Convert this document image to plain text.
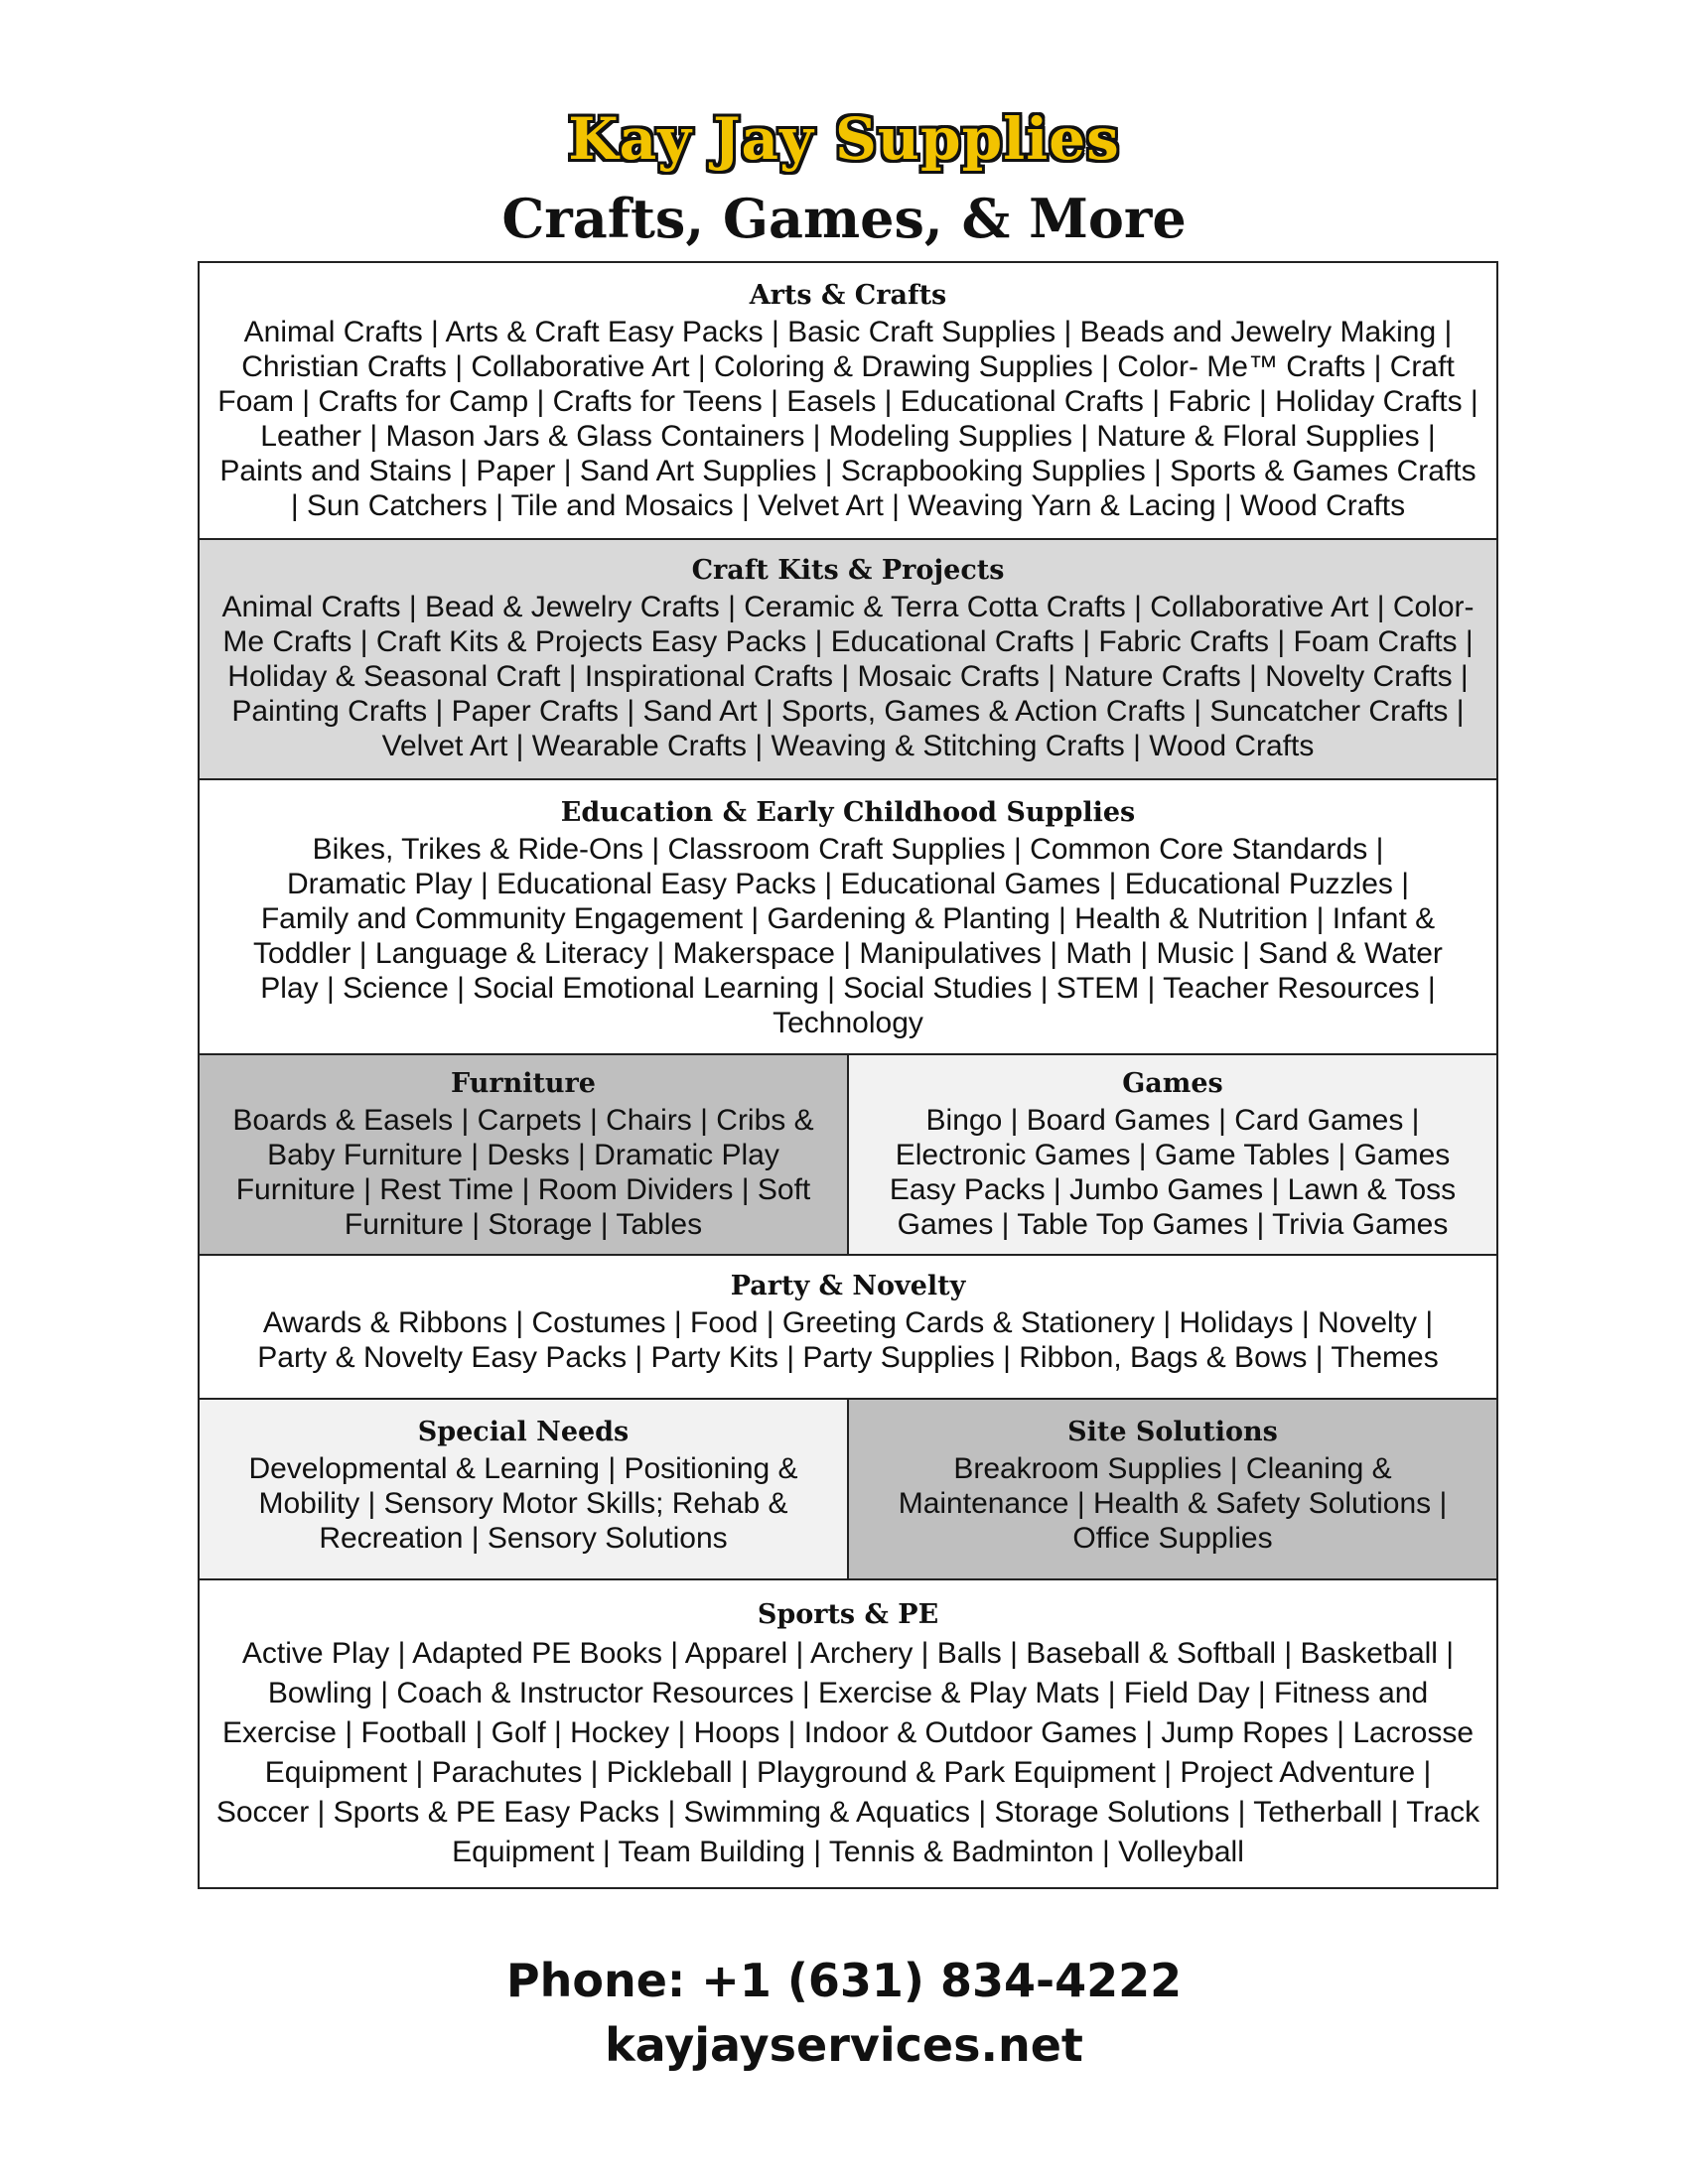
Kay Jay Supplies
Crafts, Games, & More
Arts & Crafts

Animal Crafts | Arts & Craft Easy Packs | Basic Craft Supplies | Beads and Jewelry Making | Christian Crafts | Collaborative Art | Coloring & Drawing Supplies | Color- Me™ Crafts | Craft Foam | Crafts for Camp | Crafts for Teens | Easels | Educational Crafts | Fabric | Holiday Crafts | Leather | Mason Jars & Glass Containers | Modeling Supplies | Nature & Floral Supplies | Paints and Stains | Paper | Sand Art Supplies | Scrapbooking Supplies | Sports & Games Crafts | Sun Catchers | Tile and Mosaics | Velvet Art | Weaving Yarn & Lacing | Wood Crafts

Craft Kits & Projects

Animal Crafts | Bead & Jewelry Crafts | Ceramic & Terra Cotta Crafts | Collaborative Art | Color- Me Crafts | Craft Kits & Projects Easy Packs | Educational Crafts | Fabric Crafts | Foam Crafts | Holiday & Seasonal Craft | Inspirational Crafts | Mosaic Crafts | Nature Crafts | Novelty Crafts | Painting Crafts | Paper Crafts | Sand Art | Sports, Games & Action Crafts | Suncatcher Crafts | Velvet Art | Wearable Crafts | Weaving & Stitching Crafts | Wood Crafts

Education & Early Childhood Supplies

Bikes, Trikes & Ride-Ons | Classroom Craft Supplies | Common Core Standards | Dramatic Play | Educational Easy Packs | Educational Games | Educational Puzzles | Family and Community Engagement | Gardening & Planting | Health & Nutrition | Infant & Toddler | Language & Literacy | Makerspace | Manipulatives | Math | Music | Sand & Water Play | Science | Social Emotional Learning | Social Studies | STEM | Teacher Resources | Technology

Furniture

Boards & Easels | Carpets | Chairs | Cribs & Baby Furniture | Desks | Dramatic Play Furniture | Rest Time | Room Dividers | Soft Furniture | Storage | Tables

Games

Bingo | Board Games | Card Games | Electronic Games | Game Tables | Games Easy Packs | Jumbo Games | Lawn & Toss Games | Table Top Games | Trivia Games

Party & Novelty

Awards & Ribbons | Costumes | Food | Greeting Cards & Stationery | Holidays | Novelty | Party & Novelty Easy Packs | Party Kits | Party Supplies | Ribbon, Bags & Bows | Themes

Special Needs

Developmental & Learning | Positioning & Mobility | Sensory Motor Skills; Rehab & Recreation | Sensory Solutions

Site Solutions

Breakroom Supplies | Cleaning & Maintenance | Health & Safety Solutions | Office Supplies

Sports & PE

Active Play | Adapted PE Books | Apparel | Archery | Balls | Baseball & Softball | Basketball | Bowling | Coach & Instructor Resources | Exercise & Play Mats | Field Day | Fitness and Exercise | Football | Golf | Hockey | Hoops | Indoor & Outdoor Games | Jump Ropes | Lacrosse Equipment | Parachutes | Pickleball | Playground & Park Equipment | Project Adventure | Soccer | Sports & PE Easy Packs | Swimming & Aquatics | Storage Solutions | Tetherball | Track Equipment | Team Building | Tennis & Badminton | Volleyball

Phone: +1 (631) 834-4222
kayjayservices.net
